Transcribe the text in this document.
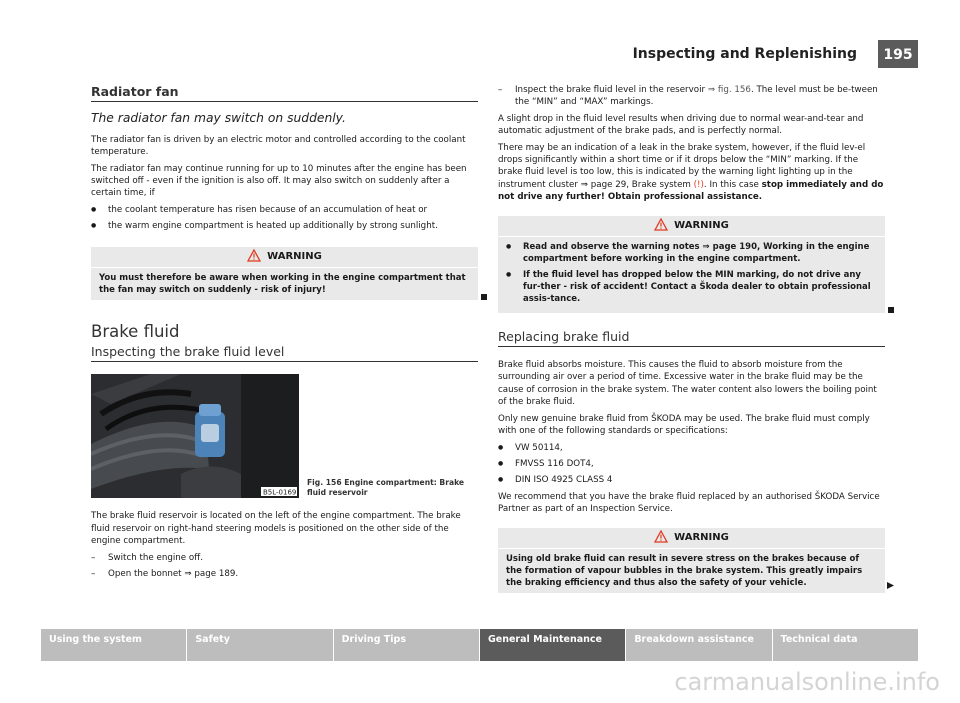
Inspecting and Replenishing	195
Radiator fan
The radiator fan may switch on suddenly.

The radiator fan is driven by an electric motor and controlled according to the coolant temperature.

The radiator fan may continue running for up to 10 minutes after the engine has been switched off - even if the ignition is also off. It may also switch on suddenly after a certain time, if

● the coolant temperature has risen because of an accumulation of heat or
● the warm engine compartment is heated up additionally by strong sunlight.
WARNING
You must therefore be aware when working in the engine compartment that the fan may switch on suddenly - risk of injury!
Brake fluid
Inspecting the brake fluid level
B5L-0169
Fig. 156 Engine compartment: Brake fluid reservoir

The brake fluid reservoir is located on the left of the engine compartment. The brake fluid reservoir on right-hand steering models is positioned on the other side of the engine compartment.

– Switch the engine off.
– Open the bonnet ⇒ page 189.
– Inspect the brake fluid level in the reservoir ⇒ fig. 156. The level must be be-tween the “MIN” and “MAX” markings.

A slight drop in the fluid level results when driving due to normal wear-and-tear and automatic adjustment of the brake pads, and is perfectly normal.

There may be an indication of a leak in the brake system, however, if the fluid lev-el drops significantly within a short time or if it drops below the “MIN” marking. If the brake fluid level is too low, this is indicated by the warning light lighting up in the instrument cluster ⇒ page 29, Brake system (!). In this case stop immediately and do not drive any further! Obtain professional assistance.

WARNING
● Read and observe the warning notes ⇒ page 190, Working in the engine compartment before working in the engine compartment.
● If the fluid level has dropped below the MIN marking, do not drive any fur-ther - risk of accident! Contact a Škoda dealer to obtain professional assis-tance.
Replacing brake fluid

Brake fluid absorbs moisture. This causes the fluid to absorb moisture from the surrounding air over a period of time. Excessive water in the brake fluid may be the cause of corrosion in the brake system. The water content also lowers the boiling point of the brake fluid.

Only new genuine brake fluid from ŠKODA may be used. The brake fluid must comply with one of the following standards or specifications:

● VW 50114,
● FMVSS 116 DOT4,
● DIN ISO 4925 CLASS 4

We recommend that you have the brake fluid replaced by an authorised ŠKODA Service Partner as part of an Inspection Service.

WARNING
Using old brake fluid can result in severe stress on the brakes because of the formation of vapour bubbles in the brake system. This greatly impairs the braking efficiency and thus also the safety of your vehicle.
Using the system	Safety	Driving Tips	General Maintenance	Breakdown assistance	Technical data
carmanualsonline.info
